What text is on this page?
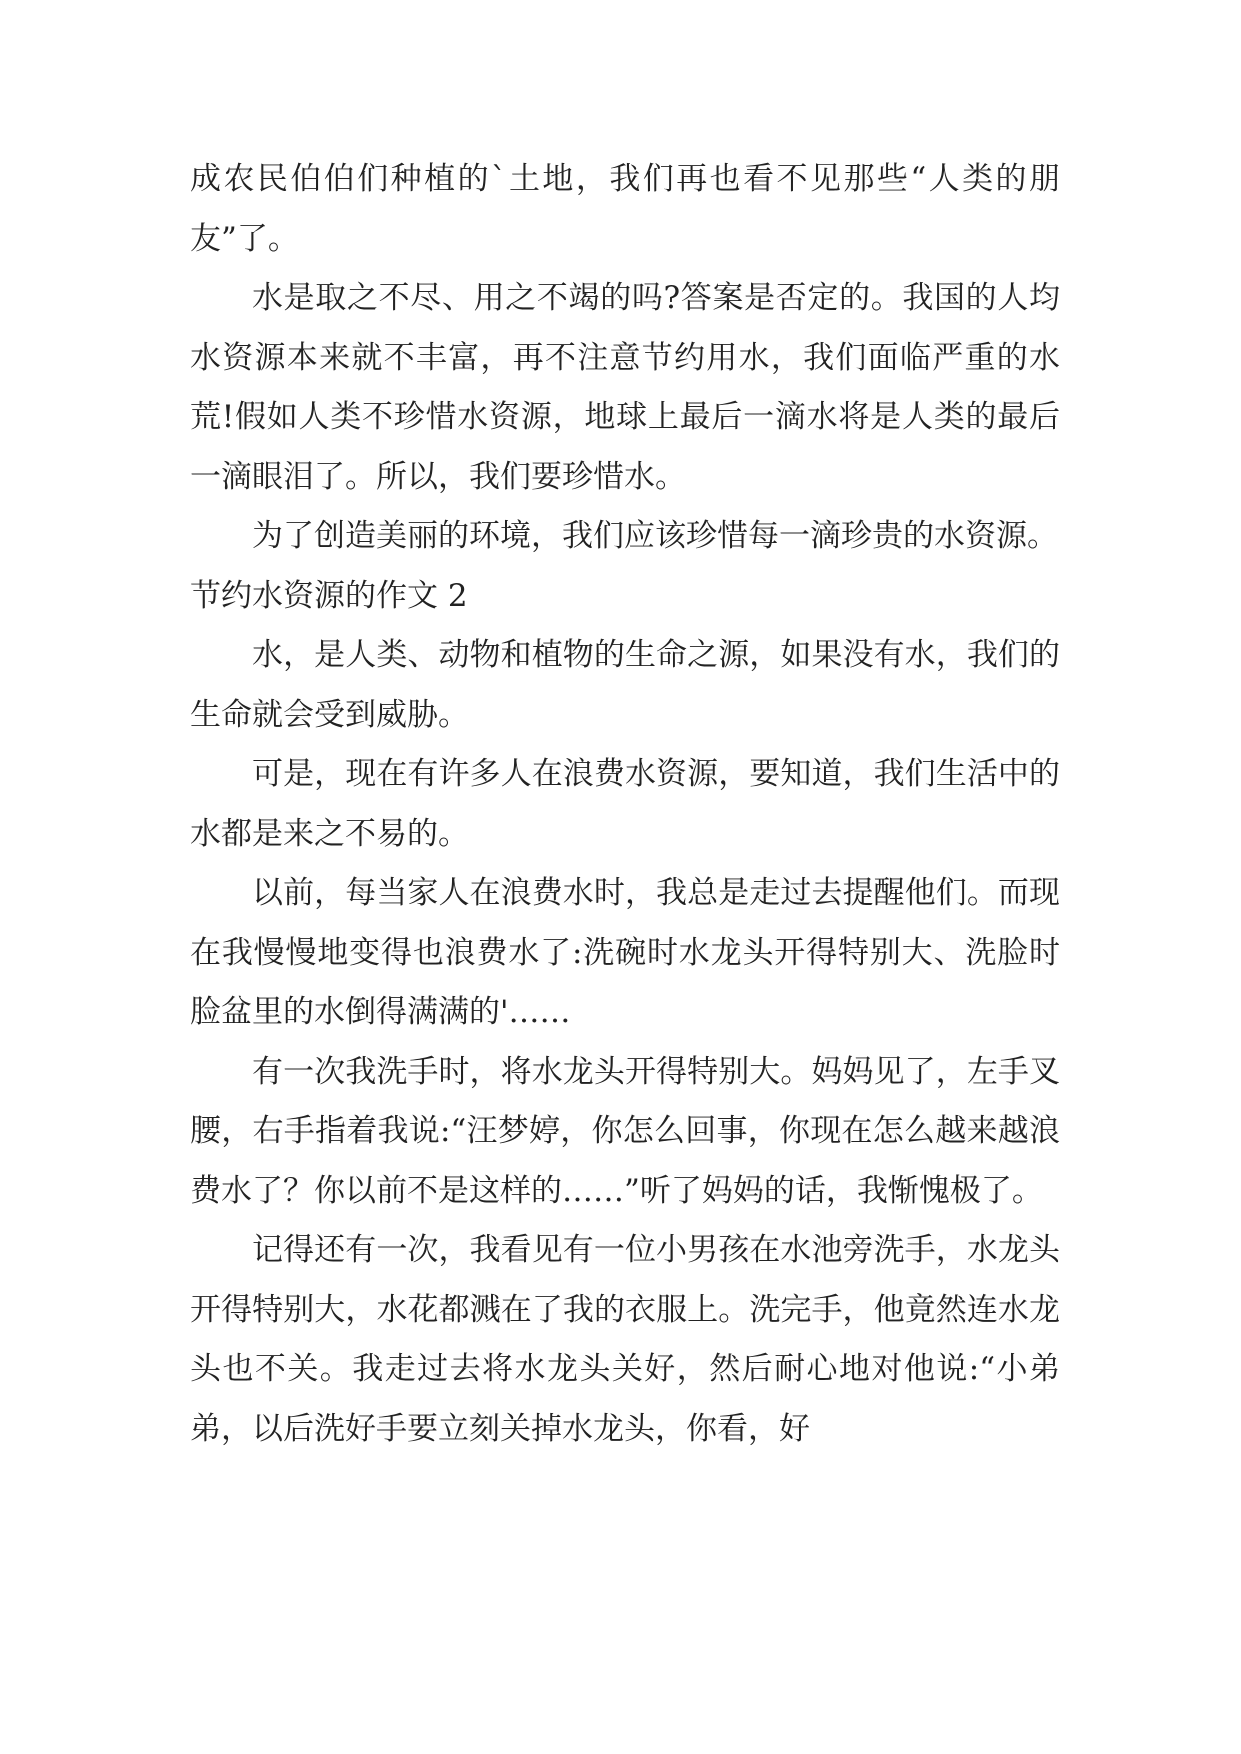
成农民伯伯们种植的`土地，我们再也看不见那些“人类的朋友”了。

水是取之不尽、用之不竭的吗?答案是否定的。我国的人均水资源本来就不丰富，再不注意节约用水，我们面临严重的水荒!假如人类不珍惜水资源，地球上最后一滴水将是人类的最后一滴眼泪了。所以，我们要珍惜水。

为了创造美丽的环境，我们应该珍惜每一滴珍贵的水资源。

节约水资源的作文 2

水，是人类、动物和植物的生命之源，如果没有水，我们的生命就会受到威胁。

可是，现在有许多人在浪费水资源，要知道，我们生活中的水都是来之不易的。

以前，每当家人在浪费水时，我总是走过去提醒他们。而现在我慢慢地变得也浪费水了:洗碗时水龙头开得特别大、洗脸时脸盆里的水倒得满满的'……

有一次我洗手时，将水龙头开得特别大。妈妈见了，左手叉腰，右手指着我说:“汪梦婷，你怎么回事，你现在怎么越来越浪费水了？你以前不是这样的……”听了妈妈的话，我惭愧极了。

记得还有一次，我看见有一位小男孩在水池旁洗手，水龙头开得特别大，水花都溅在了我的衣服上。洗完手，他竟然连水龙头也不关。我走过去将水龙头关好，然后耐心地对他说:“小弟弟，以后洗好手要立刻关掉水龙头，你看，好
